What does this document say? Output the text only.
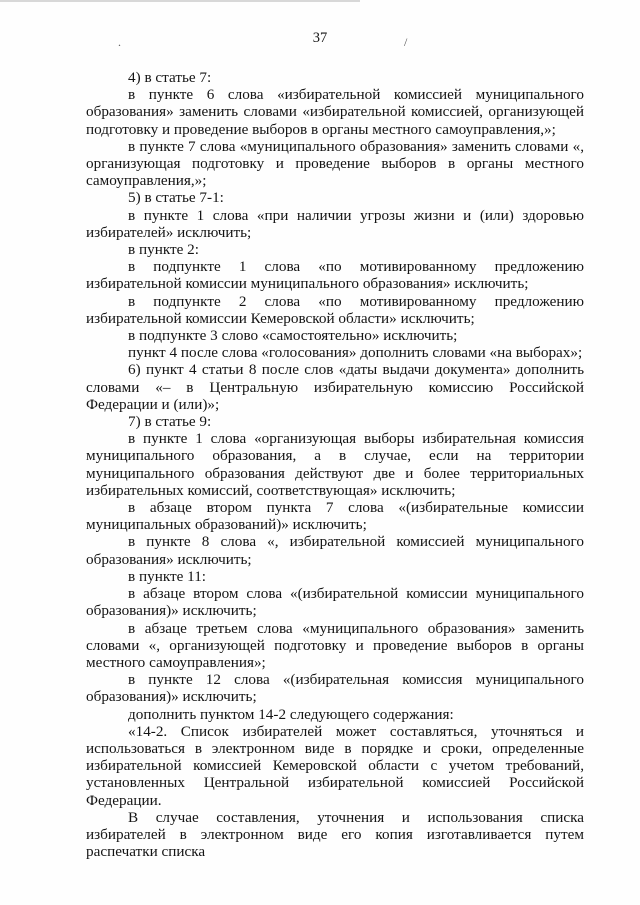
.	37	/

4) в статье 7:

в пункте 6 слова «избирательной комиссией муниципального образования» заменить словами «избирательной комиссией, организующей подготовку и проведение выборов в органы местного самоуправления,»;

в пункте 7 слова «муниципального образования» заменить словами «, организующая подготовку и проведение выборов в органы местного самоуправления,»;

5) в статье 7-1:

в пункте 1 слова «при наличии угрозы жизни и (или) здоровью избирателей» исключить;

в пункте 2:

в подпункте 1 слова «по мотивированному предложению избирательной комиссии муниципального образования» исключить;

в подпункте 2 слова «по мотивированному предложению избирательной комиссии Кемеровской области» исключить;

в подпункте 3 слово «самостоятельно» исключить;

пункт 4 после слова «голосования» дополнить словами «на выборах»;

6) пункт 4 статьи 8 после слов «даты выдачи документа» дополнить словами «– в Центральную избирательную комиссию Российской Федерации и (или)»;

7) в статье 9:

в пункте 1 слова «организующая выборы избирательная комиссия муниципального образования, а в случае, если на территории муниципального образования действуют две и более территориальных избирательных комиссий, соответствующая» исключить;

в абзаце втором пункта 7 слова «(избирательные комиссии муниципальных образований)» исключить;

в пункте 8 слова «, избирательной комиссией муниципального образования» исключить;

в пункте 11:

в абзаце втором слова «(избирательной комиссии муниципального образования)» исключить;

в абзаце третьем слова «муниципального образования» заменить словами «, организующей подготовку и проведение выборов в органы местного самоуправления»;

в пункте 12 слова «(избирательная комиссия муниципального образования)» исключить;

дополнить пунктом 14-2 следующего содержания:

«14-2. Список избирателей может составляться, уточняться и использоваться в электронном виде в порядке и сроки, определенные избирательной комиссией Кемеровской области с учетом требований, установленных Центральной избирательной комиссией Российской Федерации.

В случае составления, уточнения и использования списка избирателей в электронном виде его копия изготавливается путем распечатки списка
